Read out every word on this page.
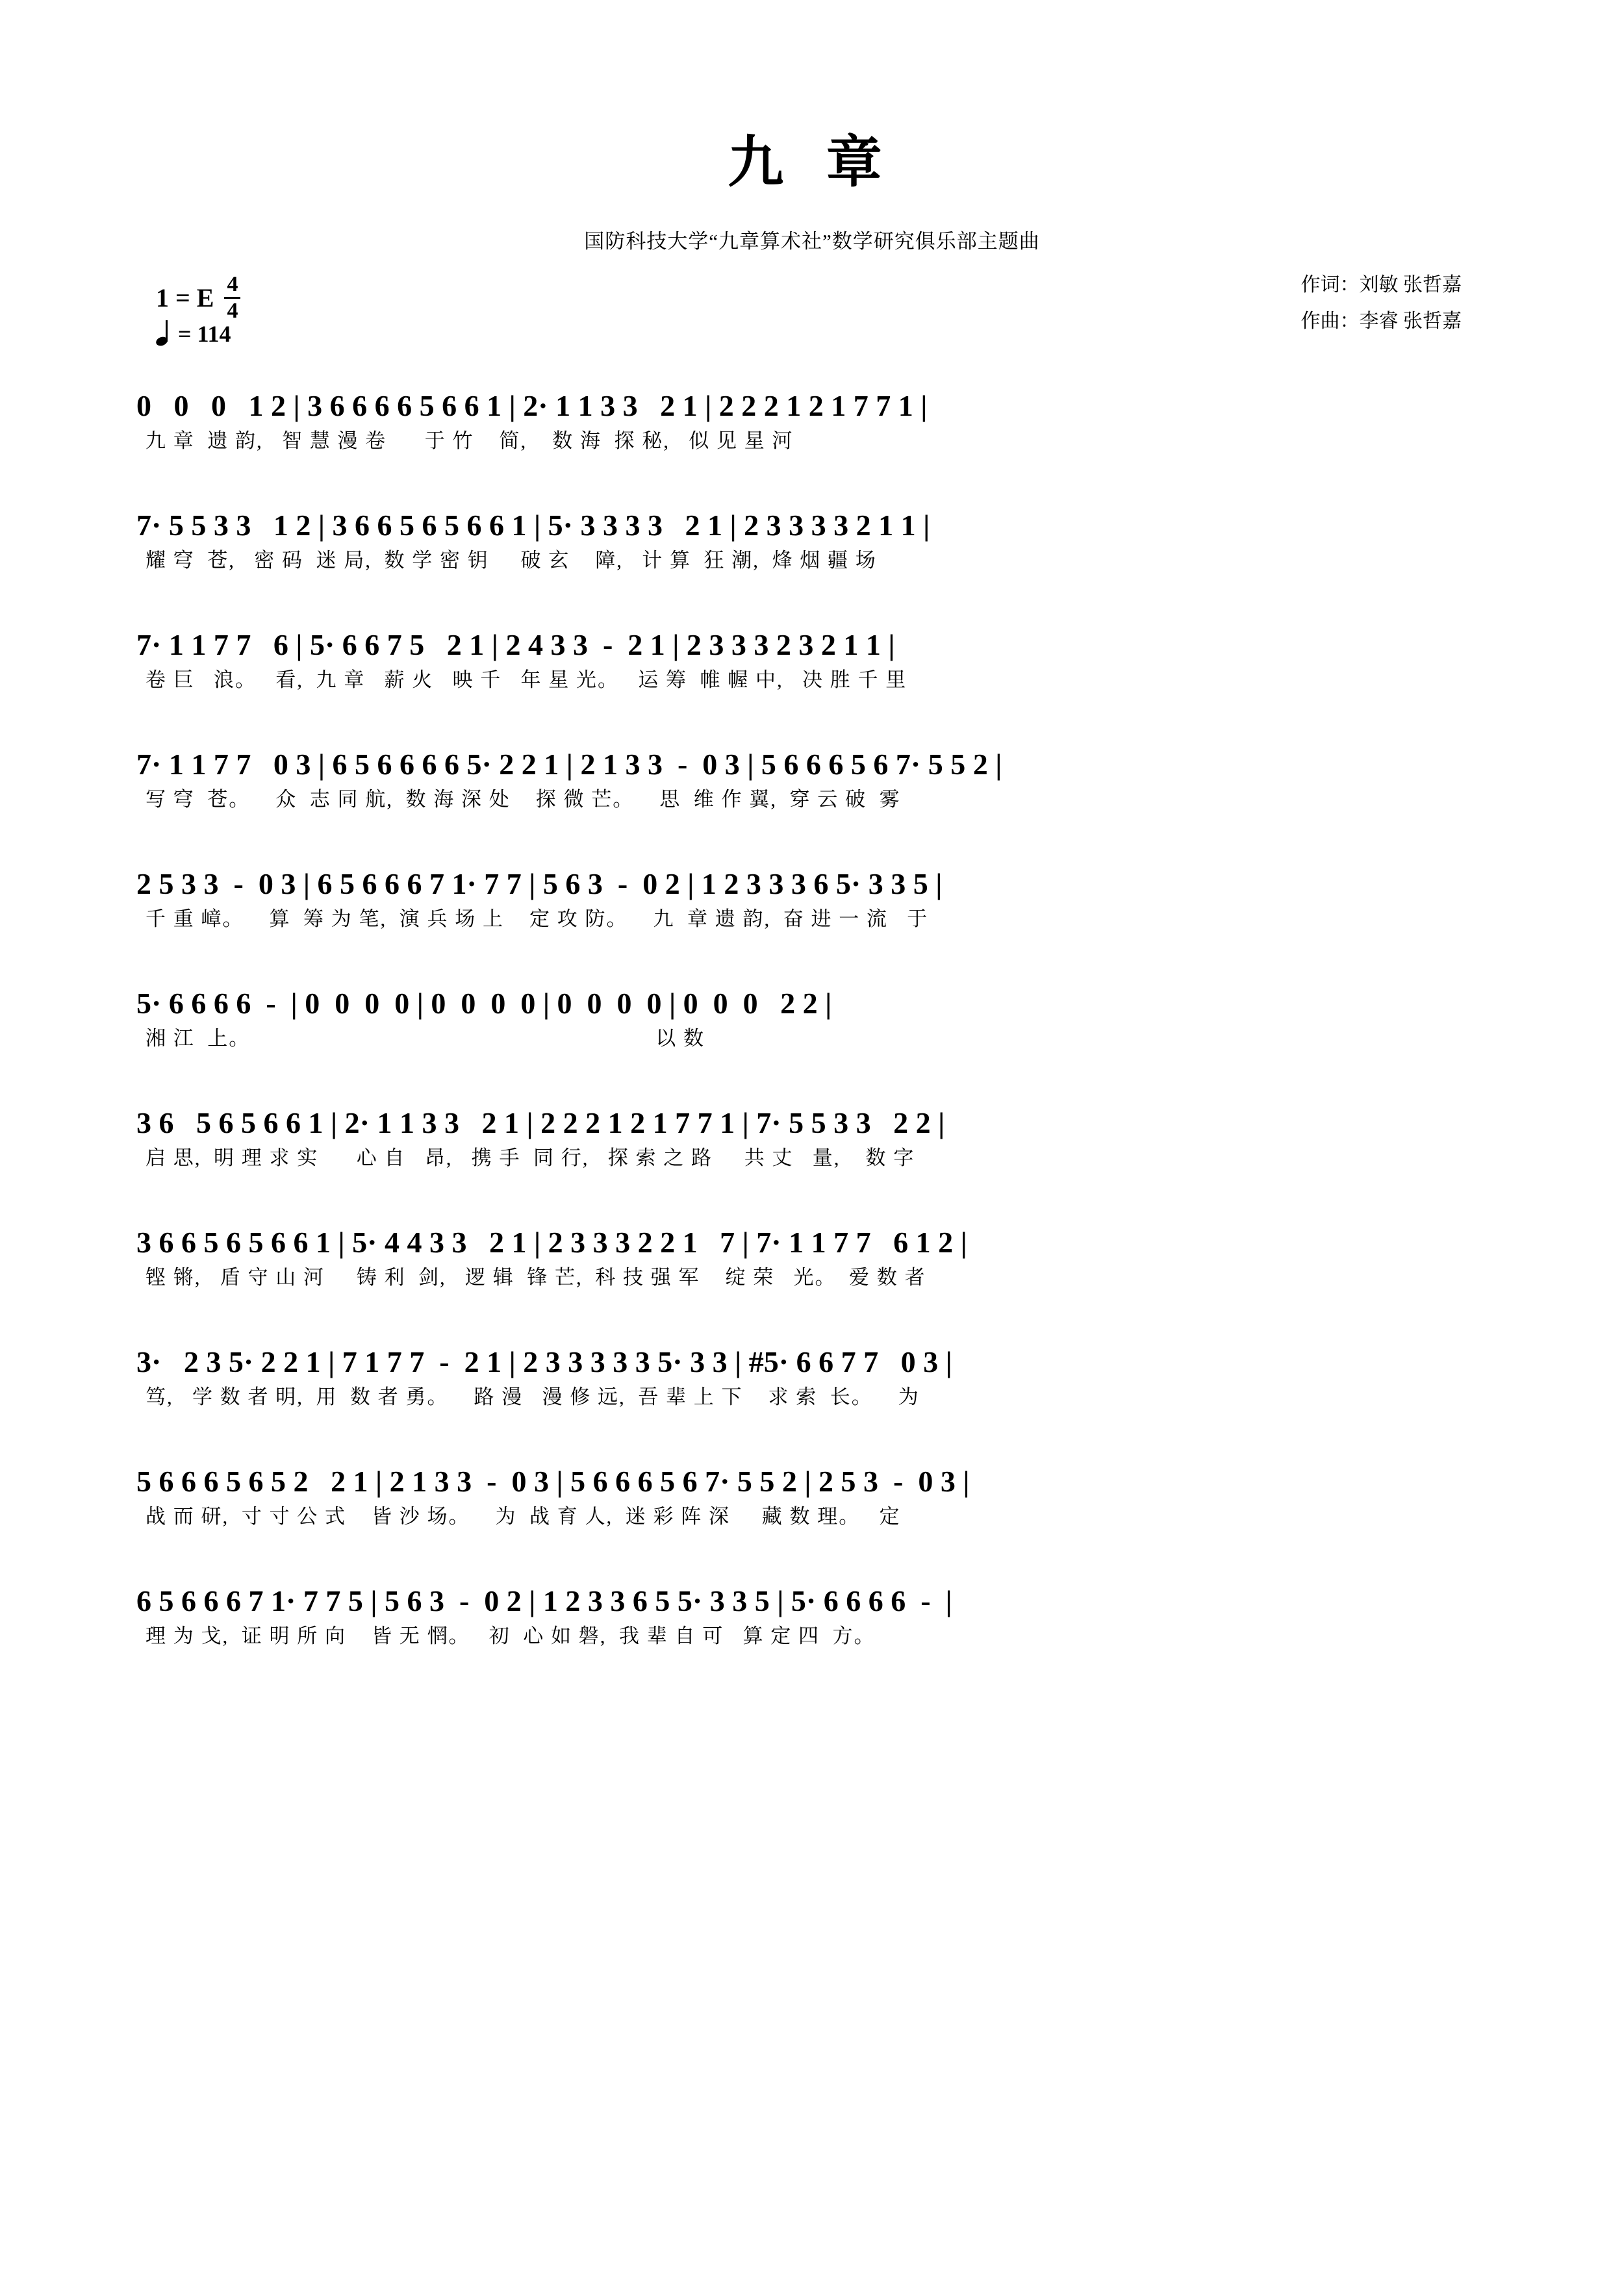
九 章
国防科技大学“九章算术社”数学研究俱乐部主题曲
1 = E $\frac{4}{4}$
= 114
作词：刘敏 张哲嘉
作曲：李睿 张哲嘉
0   0   0   1 2 | 3 6 6 6 6 5 6 6 1 | 2· 1 1 3 3   2 1 | 2 2 2 1 2 1 7 7 1 |
九 章  遗 韵,   智 慧 漫 卷      于 竹    简,    数 海  探 秘,   似 见 星 河
7· 5 5 3 3   1 2 | 3 6 6 5 6 5 6 6 1 | 5· 3 3 3 3   2 1 | 2 3 3 3 3 2 1 1 |
耀 穹  苍,   密 码  迷 局,  数 学 密 钥     破 玄    障,   计 算  狂 潮,  烽 烟 疆 场
7· 1 1 7 7   6 | 5· 6 6 7 5   2 1 | 2 4 3 3  -  2 1 | 2 3 3 3 2 3 2 1 1 |
卷 巨   浪。   看,  九 章   薪 火   映 千   年 星 光。   运 筹  帷 幄 中,   决 胜 千 里
7· 1 1 7 7   0 3 | 6 5 6 6 6 6 5· 2 2 1 | 2 1 3 3  -  0 3 | 5 6 6 6 5 6 7· 5 5 2 |
写 穹  苍。    众  志 同 航,  数 海 深 处    探 微 芒。    思  维 作 翼,  穿 云 破  雾
2 5 3 3  -  0 3 | 6 5 6 6 6 7 1· 7 7 | 5 6 3  -  0 2 | 1 2 3 3 3 6 5· 3 3 5 |
千 重 嶂。    算  筹 为 笔,  演 兵 场 上    定 攻 防。    九  章 遗 韵,  奋 进 一 流   于
5· 6 6 6 6  -  | 0  0  0  0 | 0  0  0  0 | 0  0  0  0 | 0  0  0   2 2 |
湘 江  上。                                                                以 数
3 6   5 6 5 6 6 1 | 2· 1 1 3 3   2 1 | 2 2 2 1 2 1 7 7 1 | 7· 5 5 3 3   2 2 |
启 思,  明 理 求 实      心 自   昂,   携 手  同 行,   探 索 之 路     共 丈   量,    数 字
3 6 6 5 6 5 6 6 1 | 5· 4 4 3 3   2 1 | 2 3 3 3 2 2 1   7 | 7· 1 1 7 7   6 1 2 |
铿 锵,   盾 守 山 河     铸 利  剑,   逻 辑  锋 芒,  科 技 强 军    绽 荣   光。  爱 数 者
3·   2 3 5· 2 2 1 | 7 1 7 7  -  2 1 | 2 3 3 3 3 3 5· 3 3 | #5· 6 6 7 7   0 3 |
笃,   学 数 者 明,  用  数 者 勇。    路 漫   漫 修 远,  吾 辈 上 下    求 索  长。    为
5 6 6 6 5 6 5 2   2 1 | 2 1 3 3  -  0 3 | 5 6 6 6 5 6 7· 5 5 2 | 2 5 3  -  0 3 |
战 而 研,  寸 寸 公 式    皆 沙 场。    为  战 育 人,  迷 彩 阵 深     藏 数 理。   定
6 5 6 6 6 7 1· 7 7 5 | 5 6 3  -  0 2 | 1 2 3 3 6 5 5· 3 3 5 | 5· 6 6 6 6  -  |
理 为 戈,  证 明 所 向    皆 无 惘。   初  心 如 磐,  我 辈 自 可   算 定 四  方。
